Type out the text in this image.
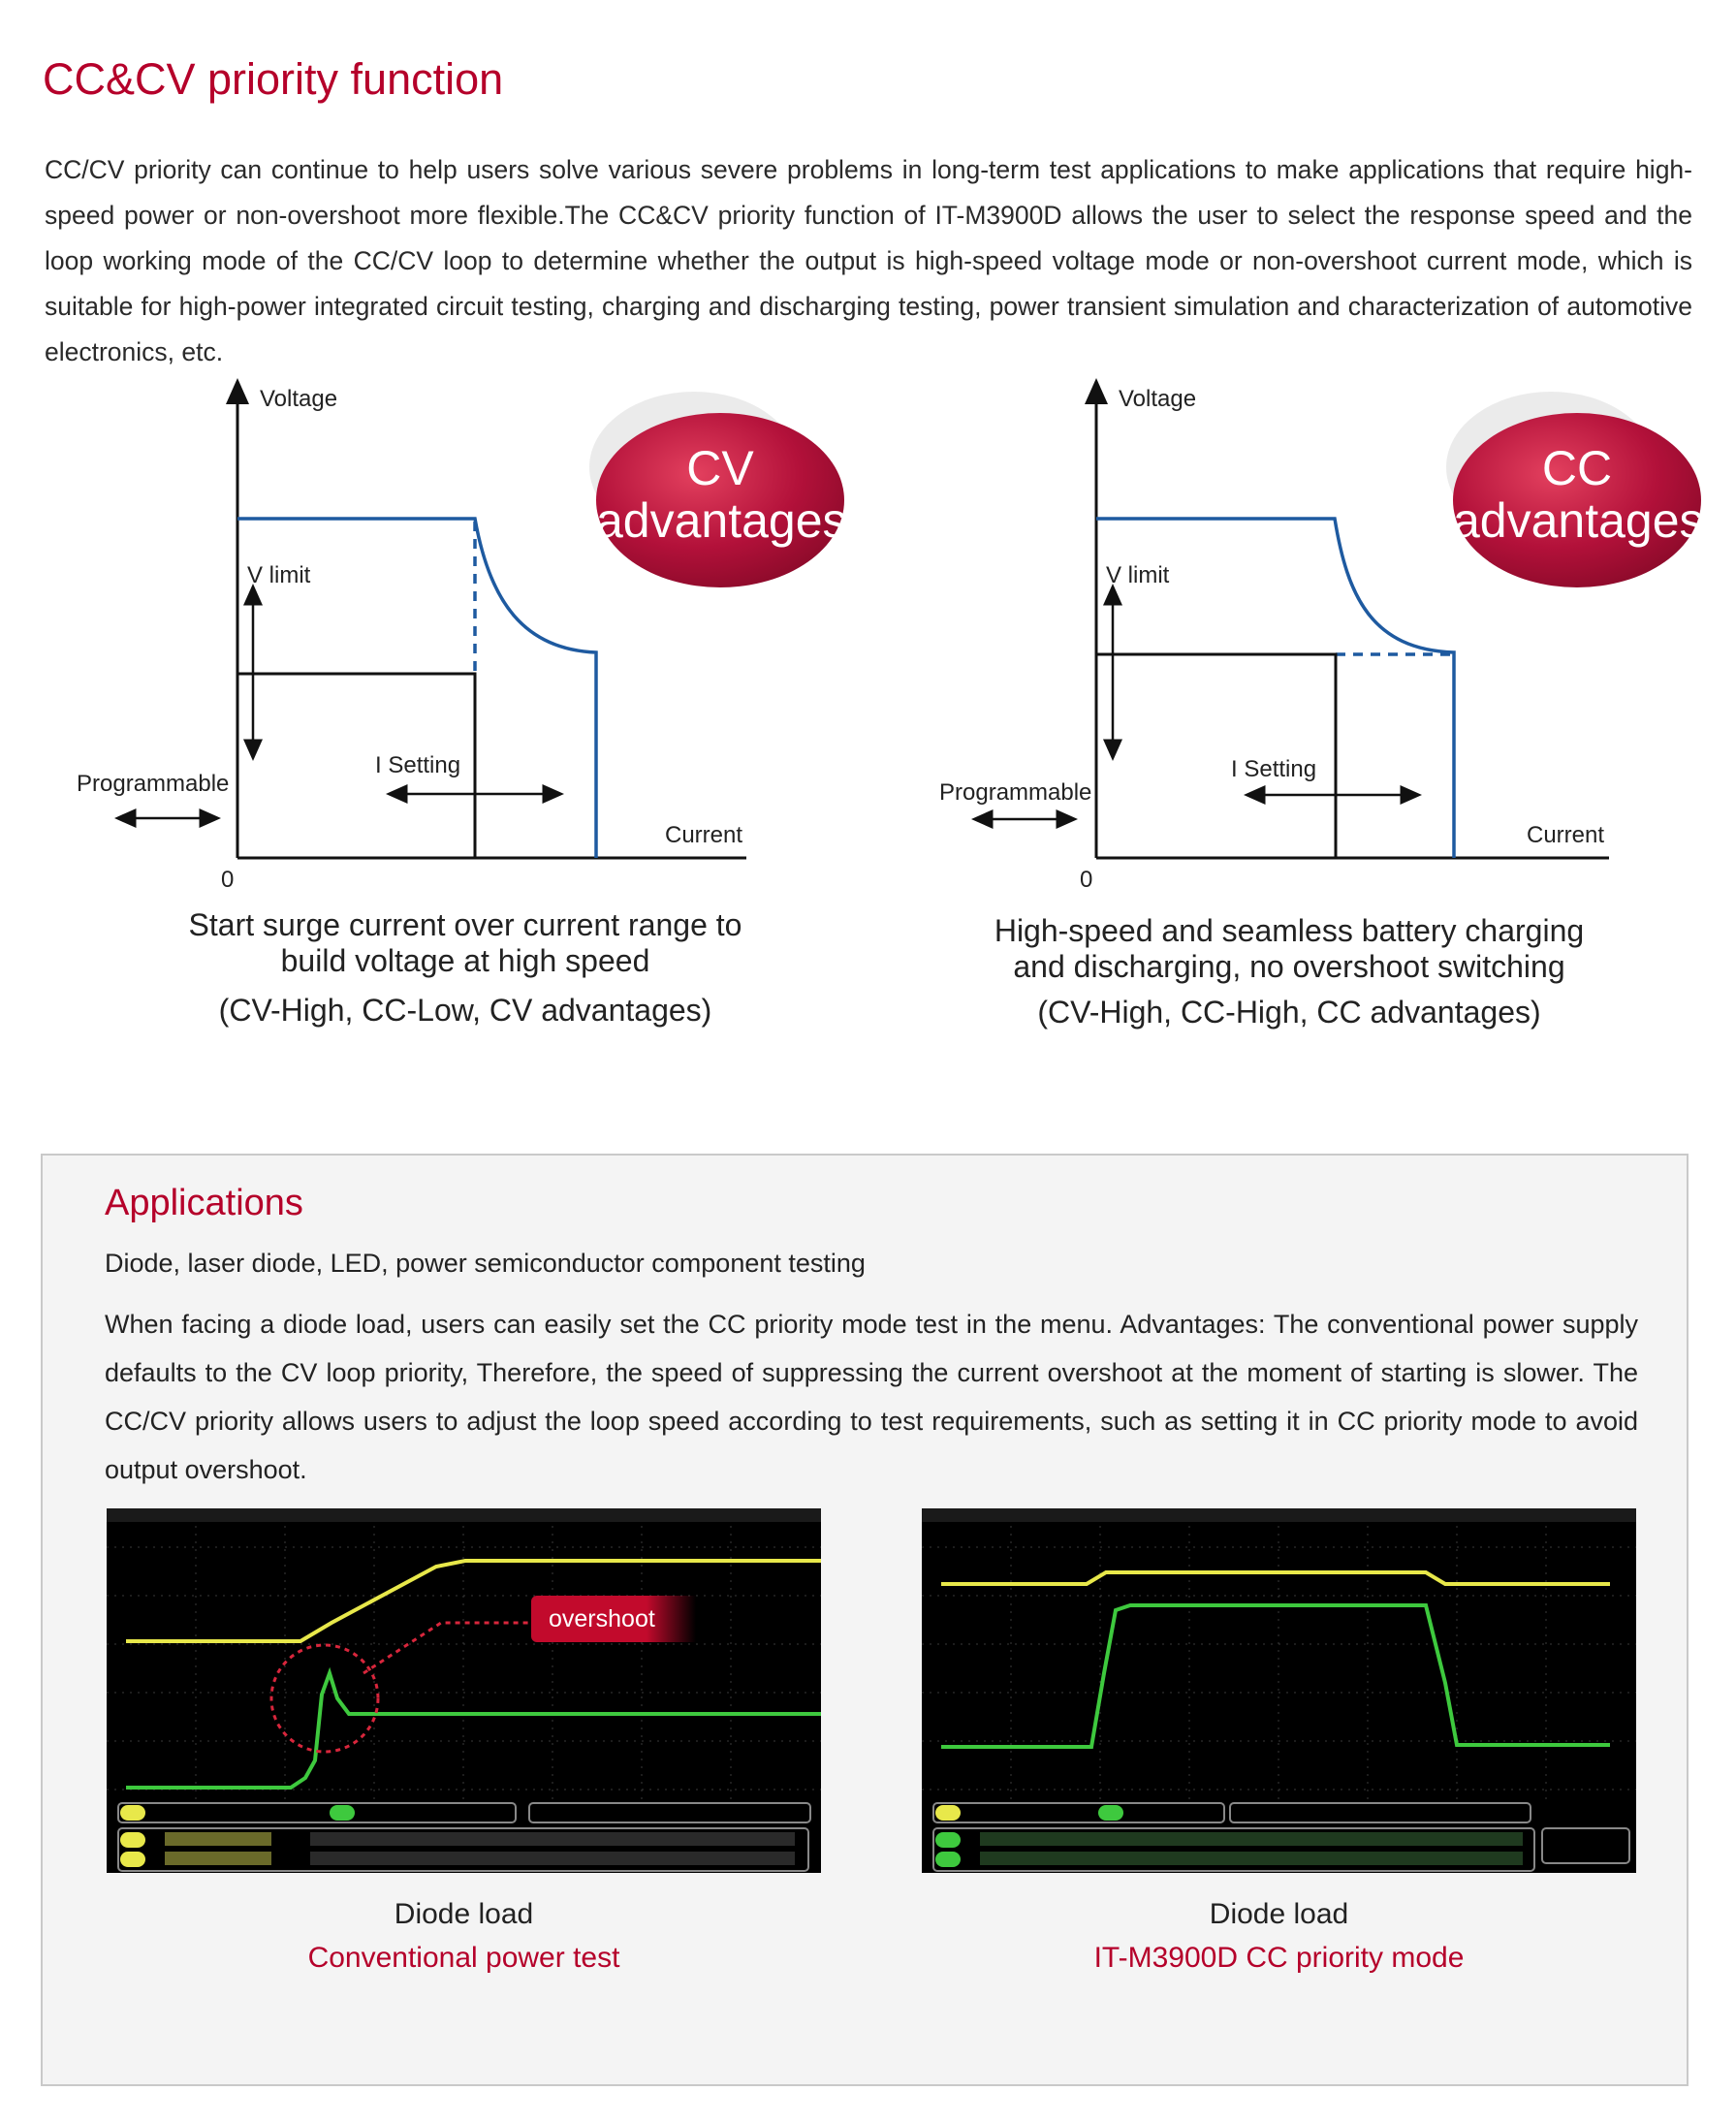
CC&CV priority function

CC/CV priority can continue to help users solve various severe problems in long-term test applications to make applications that require high-speed power or non-overshoot more flexible.The CC&CV priority function of IT-M3900D allows the user to select the response speed and the loop working mode of the CC/CV loop to determine whether the output is high-speed voltage mode or non-overshoot current mode, which is suitable for high-power integrated circuit testing, charging and discharging testing, power transient simulation and characterization of automotive electronics, etc.

Voltage
V limit
I Setting
Programmable
Current
0
CV
advantages
Start surge current over current range to
build voltage at high speed
(CV-High, CC-Low, CV advantages)
Voltage
V limit
I Setting
Programmable
Current
0
CC
advantages
High-speed and seamless battery charging
and discharging, no overshoot switching
(CV-High, CC-High, CC advantages)
Applications

Diode, laser diode, LED, power semiconductor component testing

When facing a diode load, users can easily set the CC priority mode test in the menu. Advantages: The conventional power supply defaults to the CV loop priority, Therefore, the speed of suppressing the current overshoot at the moment of starting is slower. The CC/CV priority allows users to adjust the loop speed according to test requirements, such as setting it in CC priority mode to avoid output overshoot.

overshoot
Diode load
Conventional power test
Diode load
IT-M3900D CC priority mode
